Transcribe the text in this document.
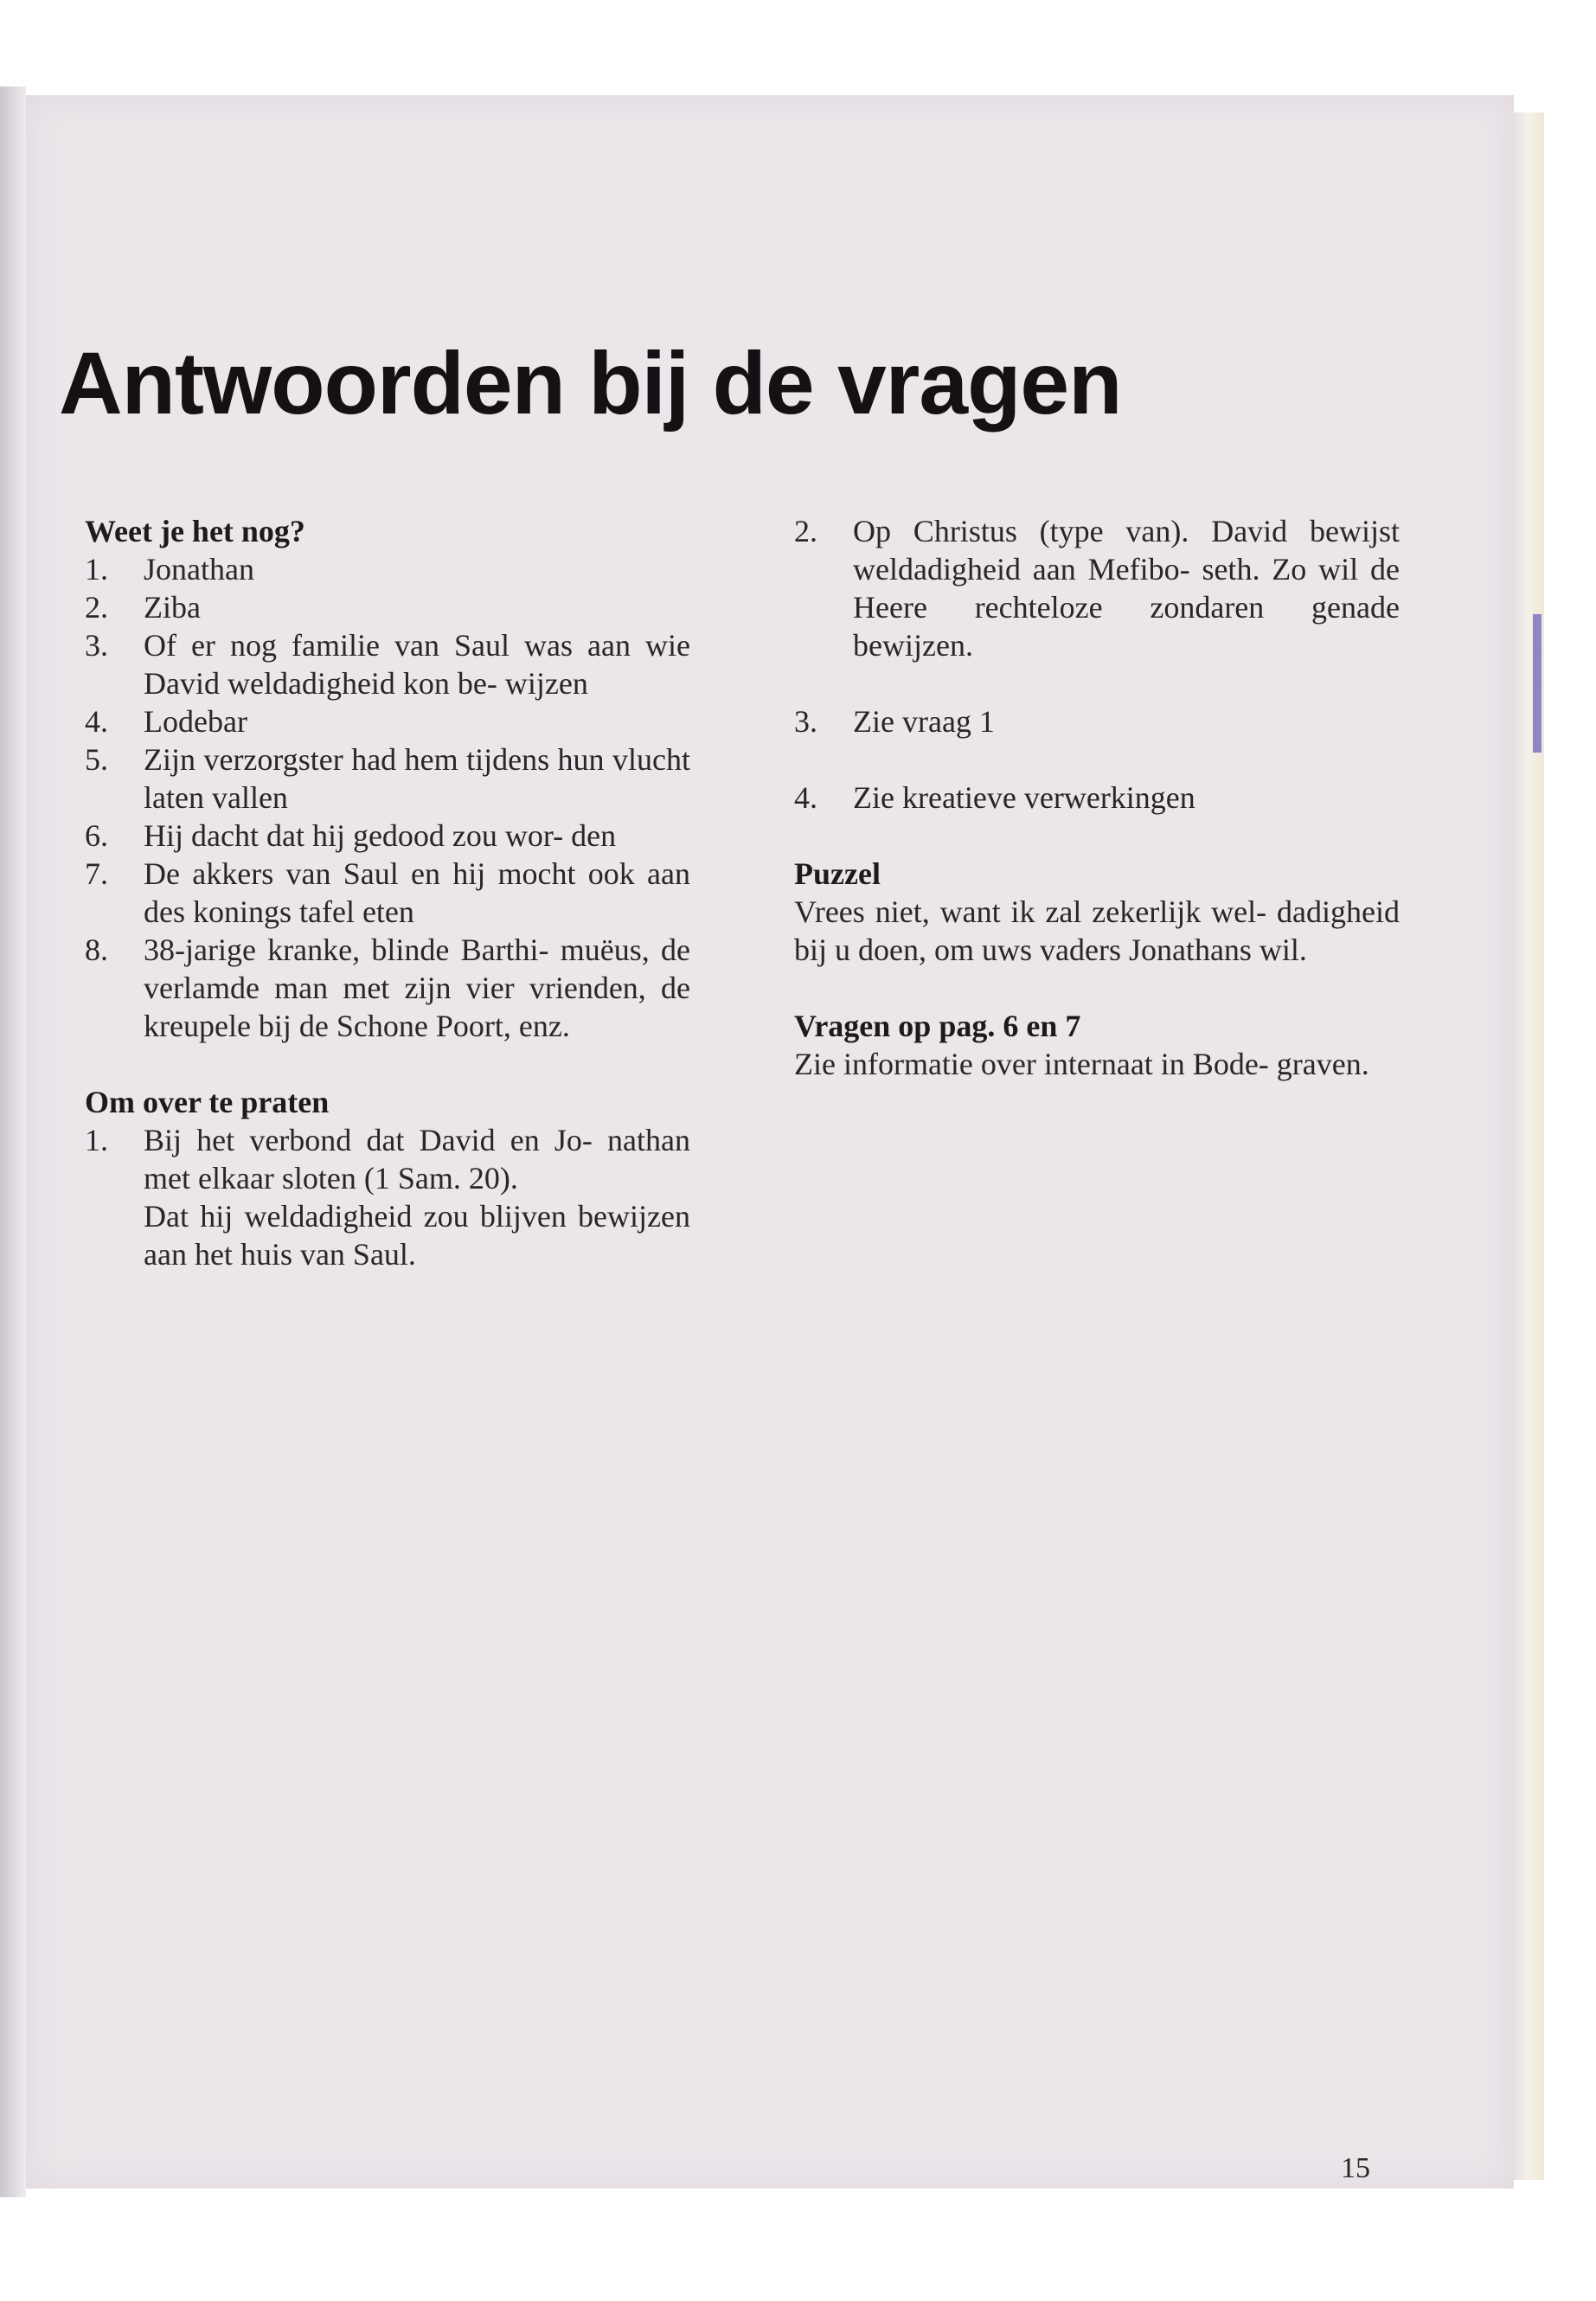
Antwoorden bij de vragen
Weet je het nog?
1. Jonathan
2. Ziba
3. Of er nog familie van Saul was aan wie David weldadigheid kon be- wijzen
4. Lodebar
5. Zijn verzorgster had hem tijdens hun vlucht laten vallen
6. Hij dacht dat hij gedood zou wor- den
7. De akkers van Saul en hij mocht ook aan des konings tafel eten
8. 38-jarige kranke, blinde Barthi- muëus, de verlamde man met zijn vier vrienden, de kreupele bij de Schone Poort, enz.
Om over te praten
1. Bij het verbond dat David en Jo- nathan met elkaar sloten (1 Sam. 20).
Dat hij weldadigheid zou blijven bewijzen aan het huis van Saul.
2. Op Christus (type van). David bewijst weldadigheid aan Mefibo- seth. Zo wil de Heere rechteloze zondaren genade bewijzen.
3. Zie vraag 1
4. Zie kreatieve verwerkingen
Puzzel
Vrees niet, want ik zal zekerlijk wel- dadigheid bij u doen, om uws vaders Jonathans wil.
Vragen op pag. 6 en 7
Zie informatie over internaat in Bode- graven.
15
